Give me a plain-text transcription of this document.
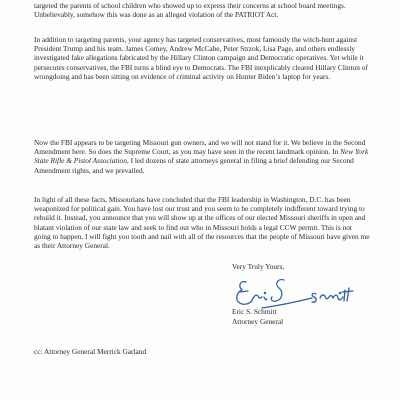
targeted the parents of school children who showed up to express their concerns at school board meetings. Unbelievably, somehow this was done as an alleged violation of the PATRIOT Act.

In addition to targeting parents, your agency has targeted conservatives, most famously the witch-hunt against President Trump and his team. James Comey, Andrew McCabe, Peter Strzok, Lisa Page, and others endlessly investigated fake allegations fabricated by the Hillary Clinton campaign and Democratic operatives. Yet while it persecutes conservatives, the FBI turns a blind eye to Democrats. The FBI inexplicably cleared Hillary Clinton of wrongdoing and has been sitting on evidence of criminal activity on Hunter Biden’s laptop for years.

Now the FBI appears to be targeting Missouri gun owners, and we will not stand for it. We believe in the Second Amendment here. So does the Supreme Court, as you may have seen in the recent landmark opinion. In New York State Rifle & Pistol Association, I led dozens of state attorneys general in filing a brief defending our Second Amendment rights, and we prevailed.

In light of all these facts, Missourians have concluded that the FBI leadership in Washington, D.C. has been weaponized for political gain. You have lost our trust and you seem to be completely indifferent toward trying to rebuild it. Instead, you announce that you will show up at the offices of our elected Missouri sheriffs in open and blatant violation of our state law and seek to find out who in Missouri holds a legal CCW permit. This is not going to happen. I will fight you tooth and nail with all of the resources that the people of Missouri have given me as their Attorney General.

Very Truly Yours,

Eric S. Schmitt

Attorney General

cc: Attorney General Merrick Garland
